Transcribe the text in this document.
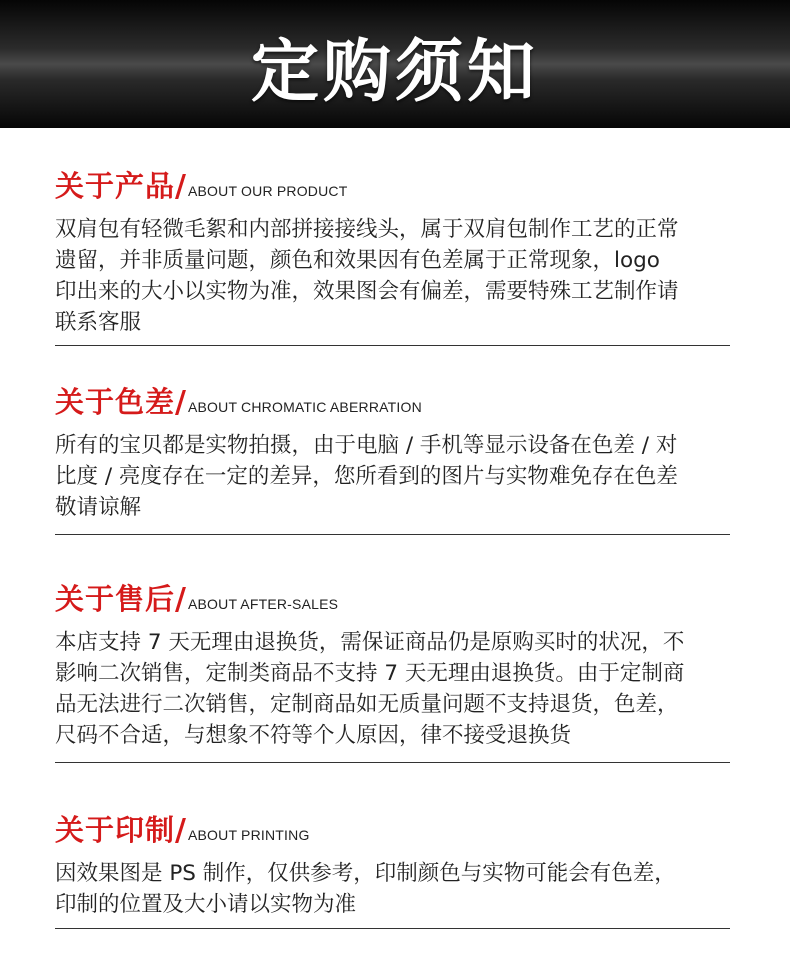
定购须知
关于产品 / ABOUT OUR PRODUCT

双肩包有轻微毛絮和内部拼接接线头，属于双肩包制作工艺的正常

遗留，并非质量问题，颜色和效果因有色差属于正常现象，logo

印出来的大小以实物为准，效果图会有偏差，需要特殊工艺制作请

联系客服

关于色差 / ABOUT CHROMATIC ABERRATION

所有的宝贝都是实物拍摄，由于电脑 / 手机等显示设备在色差 / 对

比度 / 亮度存在一定的差异，您所看到的图片与实物难免存在色差

敬请谅解

关于售后 / ABOUT AFTER-SALES

本店支持 7 天无理由退换货，需保证商品仍是原购买时的状况，不

影响二次销售，定制类商品不支持 7 天无理由退换货。由于定制商

品无法进行二次销售，定制商品如无质量问题不支持退货，色差，

尺码不合适，与想象不符等个人原因，律不接受退换货

关于印制 / ABOUT PRINTING

因效果图是 PS 制作，仅供参考，印制颜色与实物可能会有色差，

印制的位置及大小请以实物为准
